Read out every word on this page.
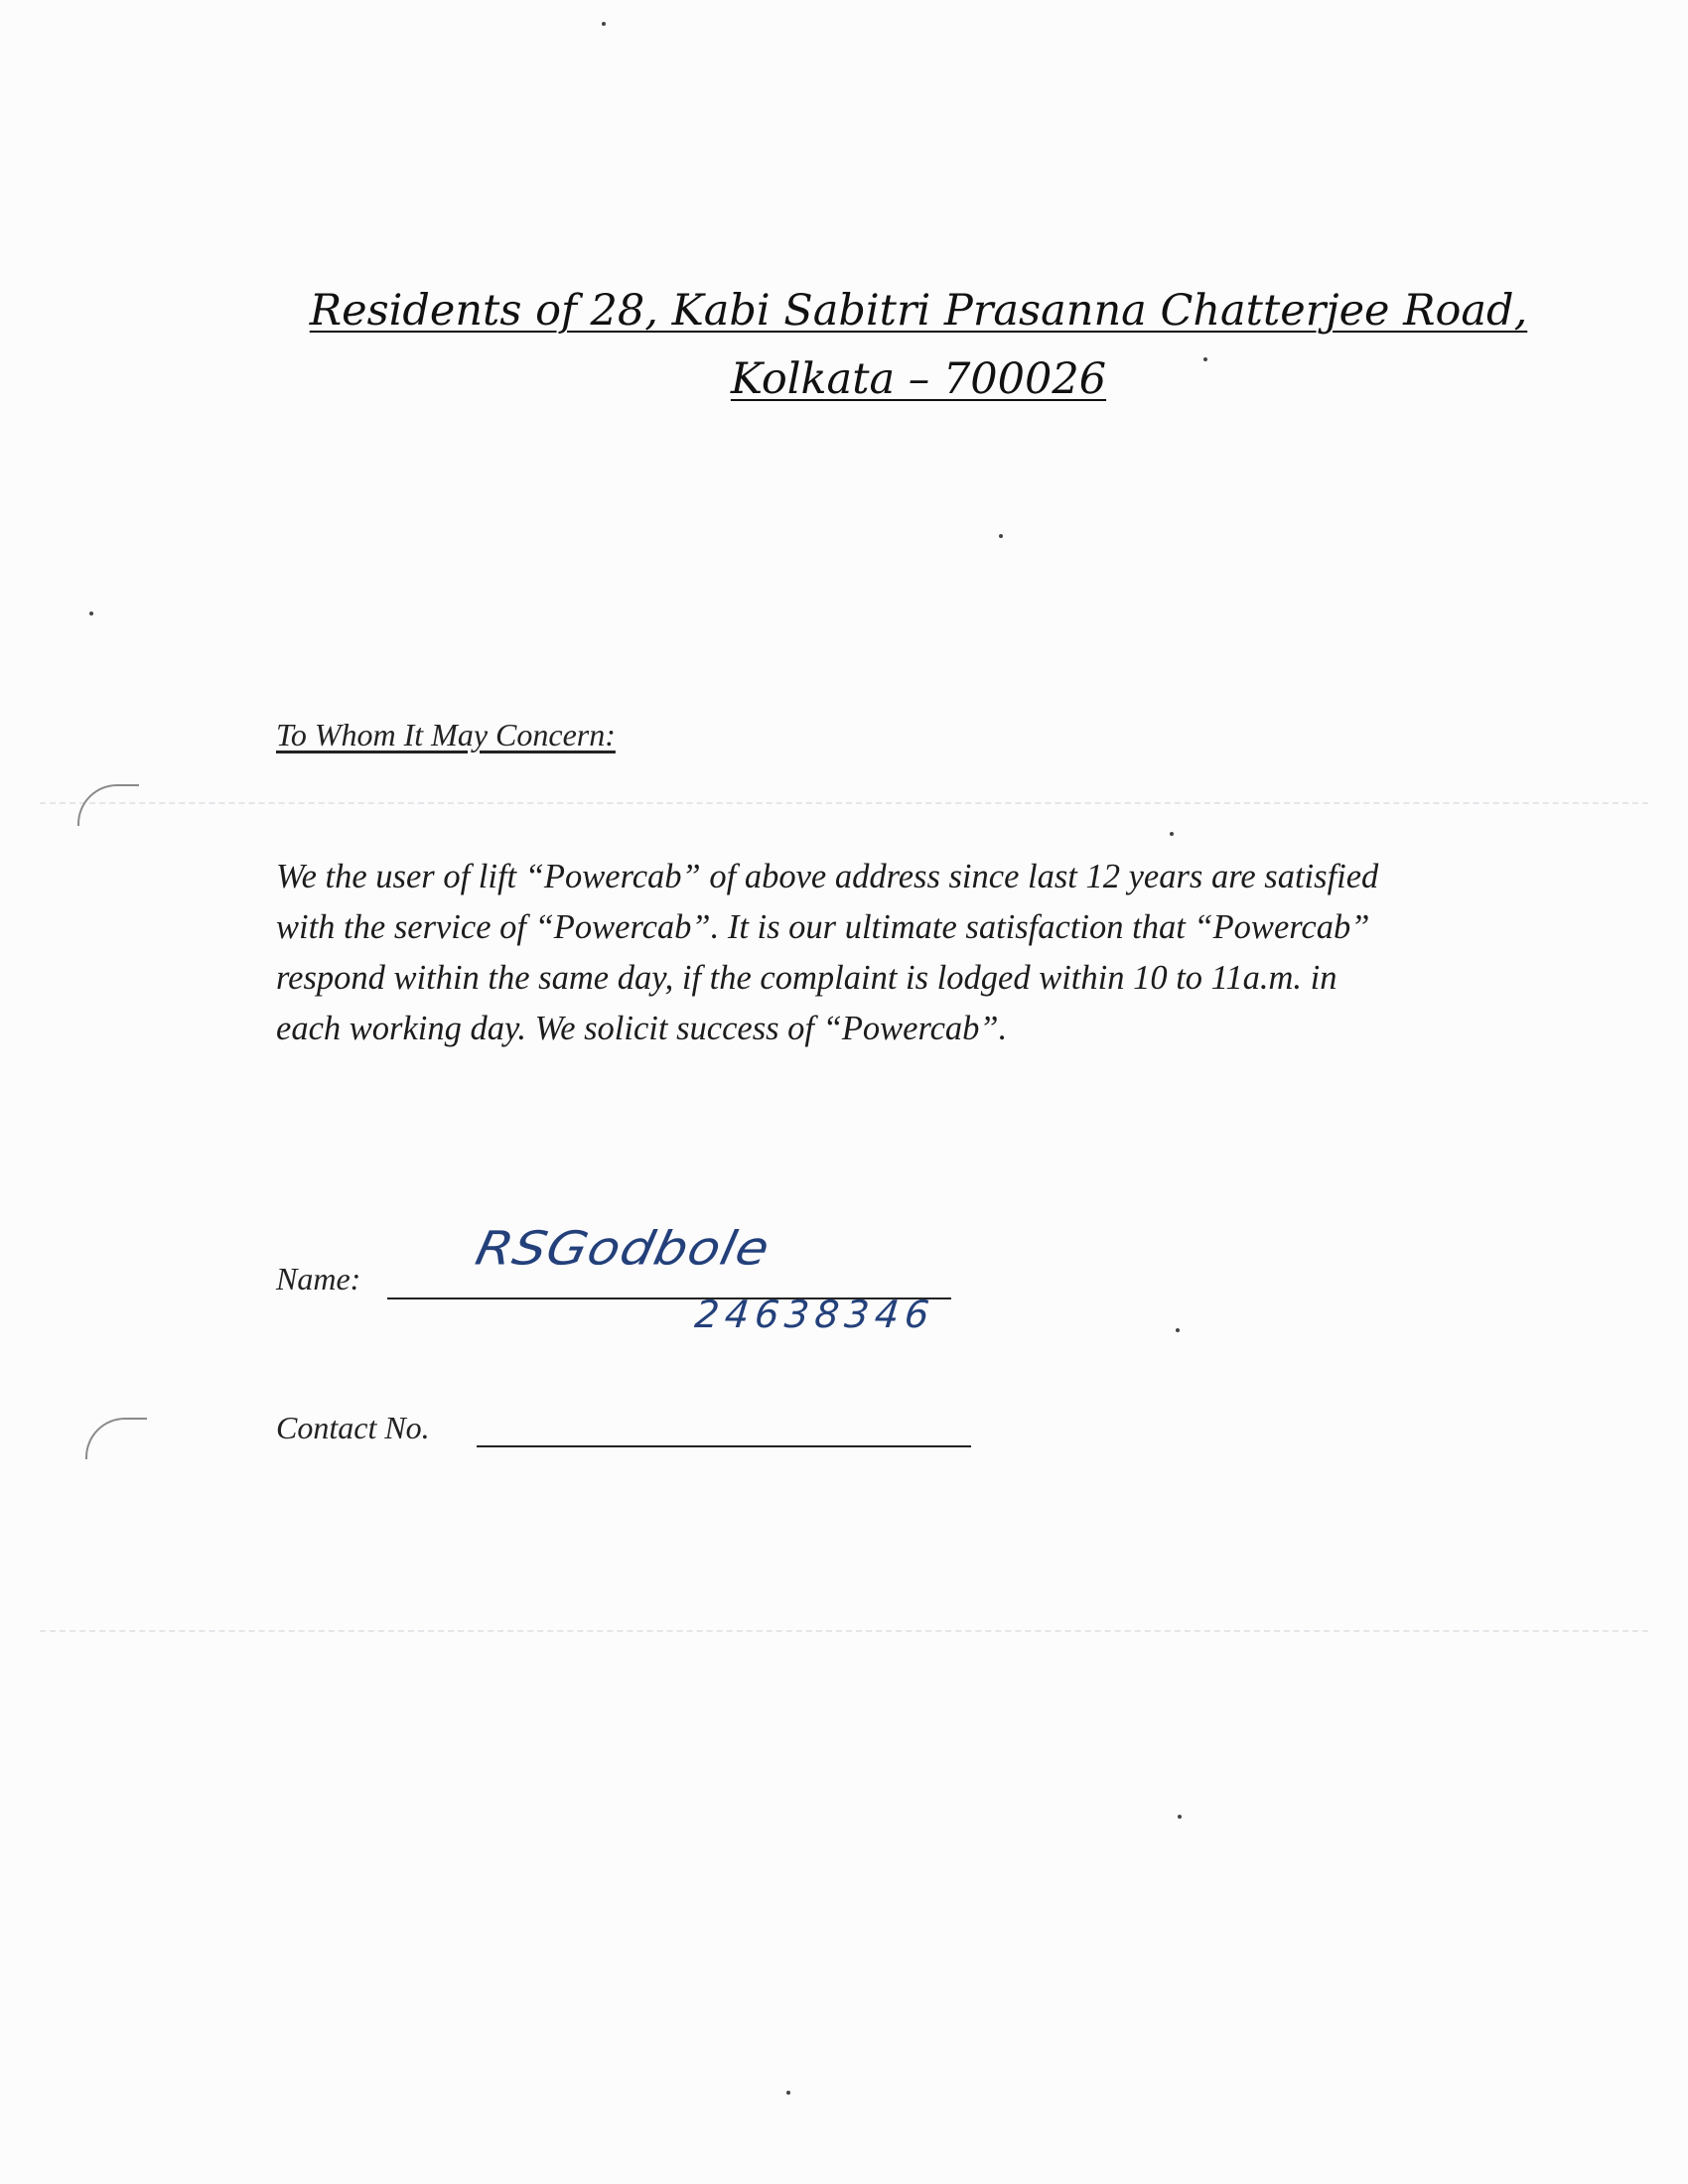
Residents of 28, Kabi Sabitri Prasanna Chatterjee Road,
Kolkata – 700026
To Whom It May Concern:
We the user of lift “Powercab” of above address since last 12 years are satisfied
with the service of “Powercab”. It is our ultimate satisfaction that “Powercab”
respond within the same day, if the complaint is lodged within 10 to 11a.m. in
each working day. We solicit success of “Powercab”.
Name:
RSGodbole
24638346
Contact No.
